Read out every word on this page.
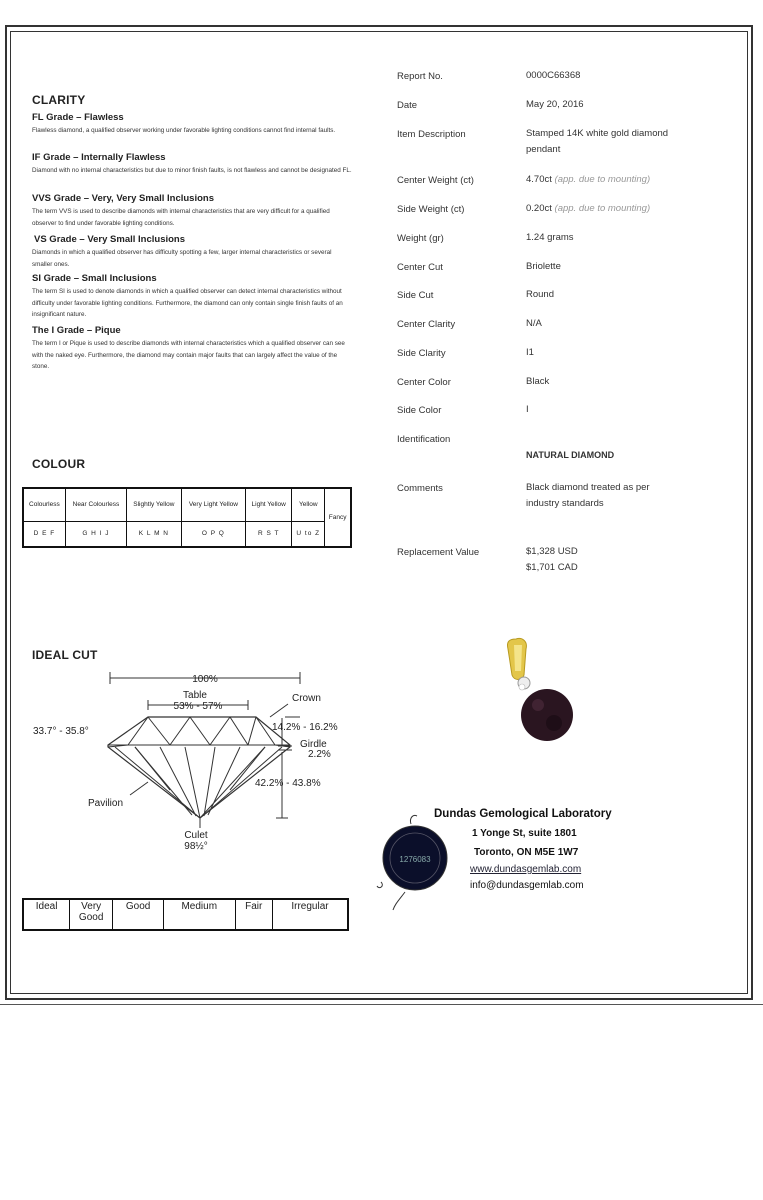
CLARITY
FL Grade – Flawless
Flawless diamond, a qualified observer working under favorable lighting conditions cannot find internal faults.
IF Grade – Internally Flawless
Diamond with no internal characteristics but due to minor finish faults, is not flawless and cannot be designated FL.
VVS Grade – Very, Very Small Inclusions
The term VVS is used to describe diamonds with internal characteristics that are very difficult for a qualified observer to find under favorable lighting conditions.
VS Grade – Very Small Inclusions
Diamonds in which a qualified observer has difficulty spotting a few, larger internal characteristics or several smaller ones.
SI Grade – Small Inclusions
The term SI is used to denote diamonds in which a qualified observer can detect internal characteristics without difficulty under favorable lighting conditions. Furthermore, the diamond can only contain single finish faults of an insignificant nature.
The I Grade – Pique
The term I or Pique is used to describe diamonds with internal characteristics which a qualified observer can see with the naked eye. Furthermore, the diamond may contain major faults that can largely affect the value of the stone.
COLOUR
Colourless	Near Colourless	Slightly Yellow	Very Light Yellow	Light Yellow	Yellow	Fancy
D E F	G H I J	K L M N	O P Q	R S T	U to Z	
IDEAL CUT
100%
Table
53% - 57%
Crown
33.7° - 35.8°	14.2% - 16.2%
Girdle
2.2%
42.2% - 43.8%
Pavilion
Culet
98½°
Ideal	Very Good	Good	Medium	Fair	Irregular
Report No.	0000C66368
Date	May 20, 2016
Item Description	Stamped 14K white gold diamond pendant
Center Weight (ct)	4.70ct (app. due to mounting)
Side Weight (ct)	0.20ct (app. due to mounting)
Weight (gr)	1.24 grams
Center Cut	Briolette
Side Cut	Round
Center Clarity	N/A
Side Clarity	I1
Center Color	Black
Side Color	I
Identification
NATURAL DIAMOND
Comments	Black diamond treated as per industry standards
Replacement Value	$1,328 USD
$1,701 CAD
1276083
Dundas Gemological Laboratory
1 Yonge St, suite 1801
Toronto, ON M5E 1W7
www.dundasgemlab.com
info@dundasgemlab.com
